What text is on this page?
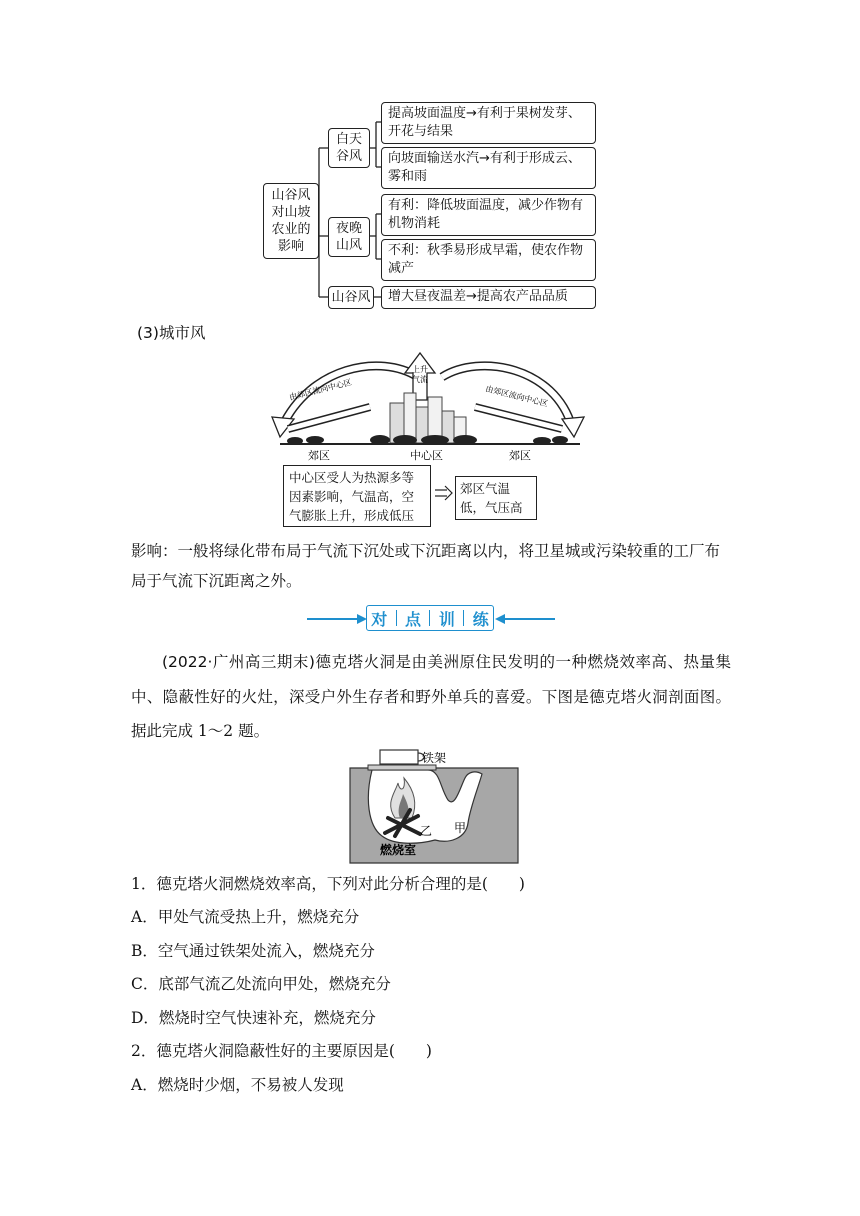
山谷风对山坡农业的影响
白天谷风
提高坡面温度→有利于果树发芽、开花与结果
向坡面输送水汽→有利于形成云、雾和雨
夜晚山风
有利：降低坡面温度，减少作物有机物消耗
不利：秋季易形成早霜，使农作物减产
山谷风	增大昼夜温差→提高农产品品质
(3)城市风
由郊区流向中心区	由郊区流向中心区
上升
气流
郊区	中心区	郊区
中心区受人为热源多等因素影响，气温高，空气膨胀上升，形成低压
郊区气温低，气压高
影响：一般将绿化带布局于气流下沉处或下沉距离以内，将卫星城或污染较重的工厂布局于气流下沉距离之外。
对 点 训 练
(2022·广州高三期末)德克塔火洞是由美洲原住民发明的一种燃烧效率高、热量集中、隐蔽性好的火灶，深受户外生存者和野外单兵的喜爱。下图是德克塔火洞剖面图。据此完成 1～2 题。
铁架
甲
乙
燃烧室
1．德克塔火洞燃烧效率高，下列对此分析合理的是(　　)
A．甲处气流受热上升，燃烧充分
B．空气通过铁架处流入，燃烧充分
C．底部气流乙处流向甲处，燃烧充分
D．燃烧时空气快速补充，燃烧充分
2．德克塔火洞隐蔽性好的主要原因是(　　)
A．燃烧时少烟，不易被人发现
